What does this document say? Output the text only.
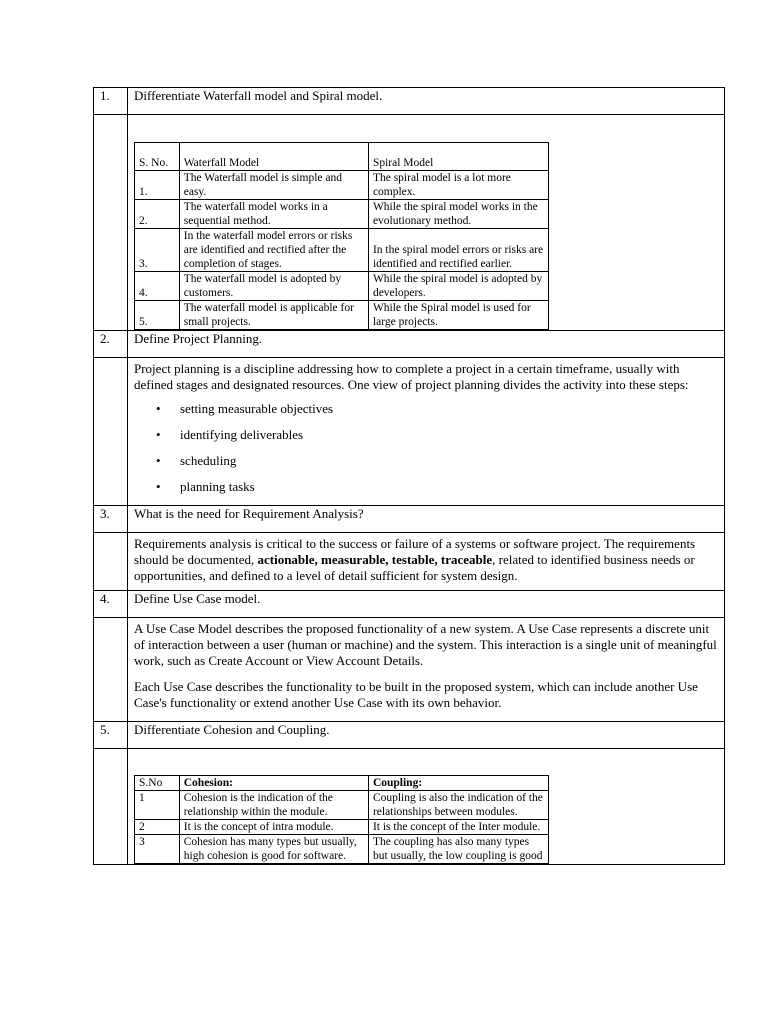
1.	Differentiate Waterfall model and Spiral model.

S. No.	Waterfall Model	Spiral Model
1.	The Waterfall model is simple and easy.	The spiral model is a lot more complex.
2.	The waterfall model works in a sequential method.	While the spiral model works in the evolutionary method.
3.	In the waterfall model errors or risks are identified and rectified after the completion of stages.	In the spiral model errors or risks are identified and rectified earlier.
4.	The waterfall model is adopted by customers.	While the spiral model is adopted by developers.
5.	The waterfall model is applicable for small projects.	While the Spiral model is used for large projects.

2.	Define Project Planning.

Project planning is a discipline addressing how to complete a project in a certain timeframe, usually with defined stages and designated resources. One view of project planning divides the activity into these steps:

• setting measurable objectives
• identifying deliverables
• scheduling
• planning tasks

3.	What is the need for Requirement Analysis?

Requirements analysis is critical to the success or failure of a systems or software project. The requirements should be documented, actionable, measurable, testable, traceable, related to identified business needs or opportunities, and defined to a level of detail sufficient for system design.

4.	Define Use Case model.

A Use Case Model describes the proposed functionality of a new system. A Use Case represents a discrete unit of interaction between a user (human or machine) and the system. This interaction is a single unit of meaningful work, such as Create Account or View Account Details.

Each Use Case describes the functionality to be built in the proposed system, which can include another Use Case's functionality or extend another Use Case with its own behavior.

5.	Differentiate Cohesion and Coupling.

S.No	Cohesion:	Coupling:
1	Cohesion is the indication of the relationship within the module.	Coupling is also the indication of the relationships between modules.
2	It is the concept of intra module.	It is the concept of the Inter module.
3	Cohesion has many types but usually, high cohesion is good for software.	The coupling has also many types but usually, the low coupling is good
